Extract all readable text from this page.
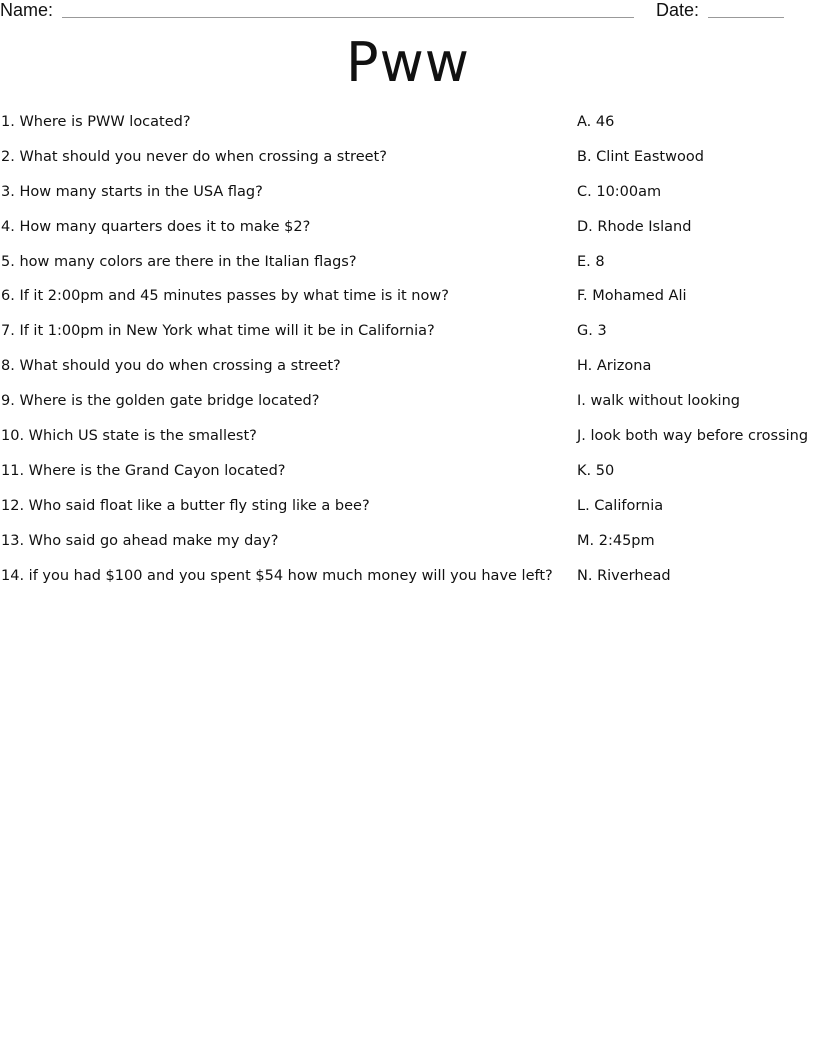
Name:	Date:
Pww
1. Where is PWW located?
2. What should you never do when crossing a street?
3. How many starts in the USA flag?
4. How many quarters does it to make $2?
5. how many colors are there in the Italian flags?
6. If it 2:00pm and 45 minutes passes by what time is it now?
7. If it 1:00pm in New York what time will it be in California?
8. What should you do when crossing a street?
9. Where is the golden gate bridge located?
10. Which US state is the smallest?
11. Where is the Grand Cayon located?
12. Who said float like a butter fly sting like a bee?
13. Who said go ahead make my day?
14. if you had $100 and you spent $54 how much money will you have left?
A. 46
B. Clint Eastwood
C. 10:00am
D. Rhode Island
E. 8
F. Mohamed Ali
G. 3
H. Arizona
I. walk without looking
J. look both way before crossing
K. 50
L. California
M. 2:45pm
N. Riverhead
